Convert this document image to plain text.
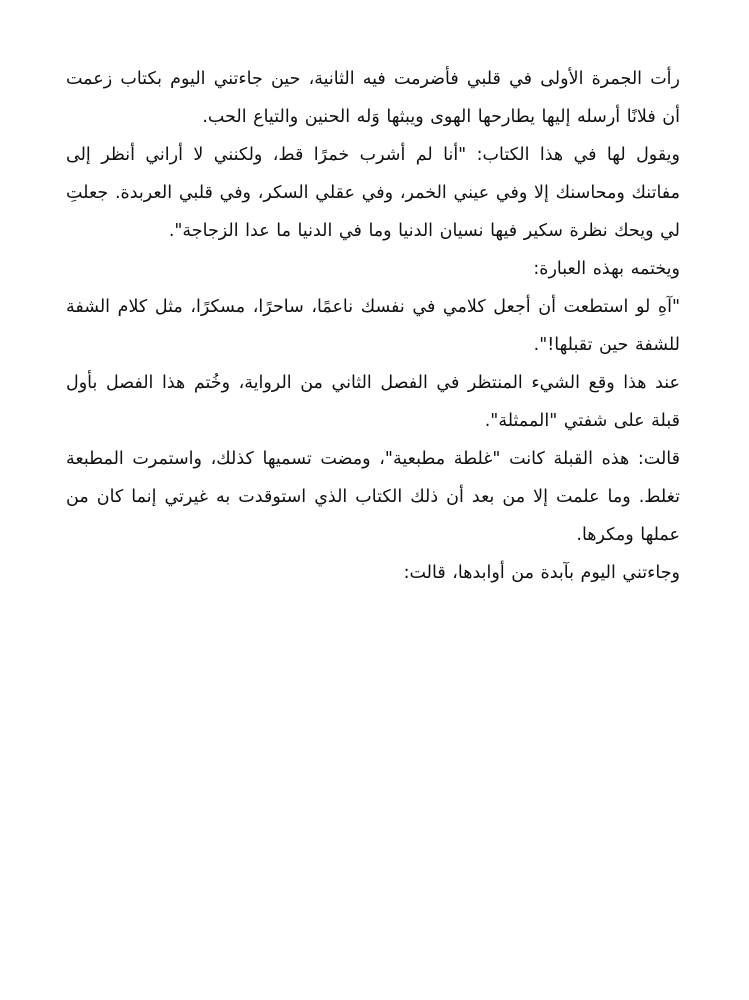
رأت الجمرة الأولى في قلبي فأضرمت فيه الثانية، حين جاءتني اليوم بكتاب زعمت أن فلانًا أرسله إليها يطارحها الهوى ويبثها وَله الحنين والتياع الحب.

ويقول لها في هذا الكتاب: "أنا لم أشرب خمرًا قط، ولكنني لا أراني أنظر إلى مفاتنك ومحاسنك إلا وفي عيني الخمر، وفي عقلي السكر، وفي قلبي العربدة. جعلتِ لي ويحك نظرة سكير فيها نسيان الدنيا وما في الدنيا ما عدا الزجاجة".

ويختمه بهذه العبارة:

"آهِ لو استطعت أن أجعل كلامي في نفسك ناعمًا، ساحرًا، مسكرًا، مثل كلام الشفة للشفة حين تقبلها!".

عند هذا وقع الشيء المنتظر في الفصل الثاني من الرواية، وخُتم هذا الفصل بأول قبلة على شفتي "الممثلة".

قالت: هذه القبلة كانت "غلطة مطبعية"، ومضت تسميها كذلك، واستمرت المطبعة تغلط. وما علمت إلا من بعد أن ذلك الكتاب الذي استوقدت به غيرتي إنما كان من عملها ومكرها.

وجاءتني اليوم بآبدة من أوابدها، قالت:
